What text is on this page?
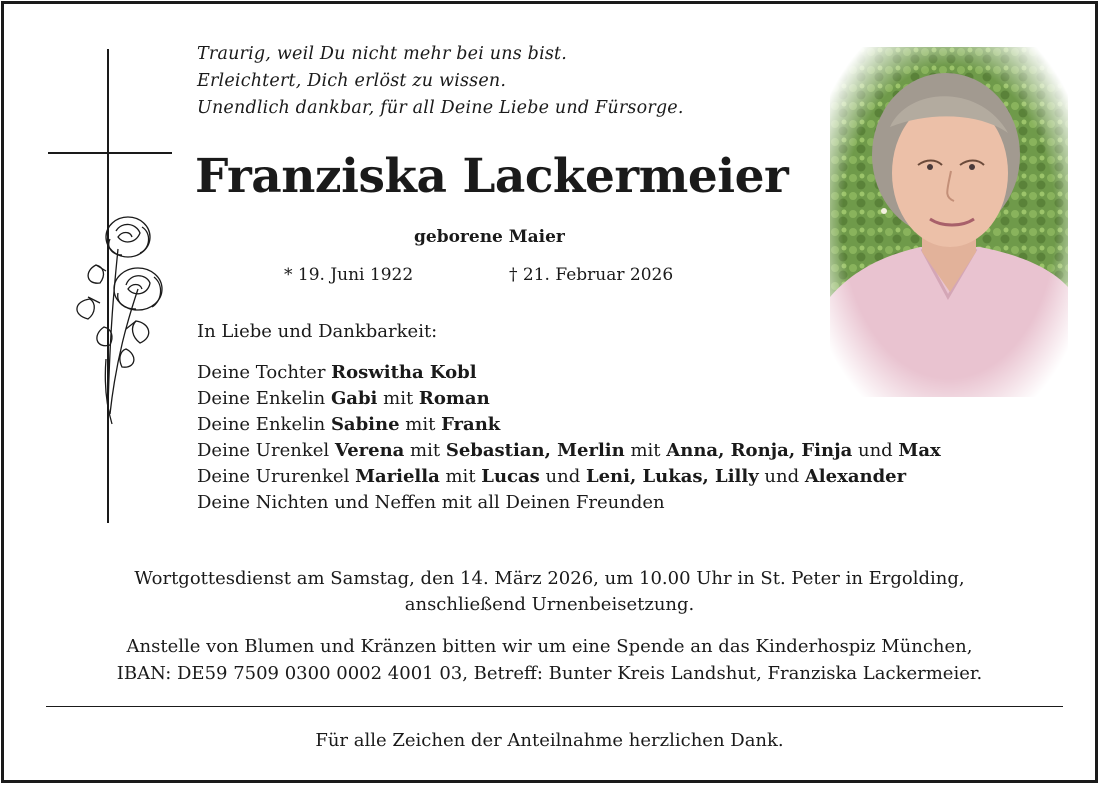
Traurig, weil Du nicht mehr bei uns bist.
Erleichtert, Dich erlöst zu wissen.
Unendlich dankbar, für all Deine Liebe und Fürsorge.
Franziska Lackermeier
geborene Maier
* 19. Juni 1922	† 21. Februar 2026
In Liebe und Dankbarkeit:
Deine Tochter Roswitha Kobl
Deine Enkelin Gabi mit Roman
Deine Enkelin Sabine mit Frank
Deine Urenkel Verena mit Sebastian, Merlin mit Anna, Ronja, Finja und Max
Deine Ururenkel Mariella mit Lucas und Leni, Lukas, Lilly und Alexander
Deine Nichten und Neffen mit all Deinen Freunden
Wortgottesdienst am Samstag, den 14. März 2026, um 10.00 Uhr in St. Peter in Ergolding,
anschließend Urnenbeisetzung.
Anstelle von Blumen und Kränzen bitten wir um eine Spende an das Kinderhospiz München,
IBAN: DE59 7509 0300 0002 4001 03, Betreff: Bunter Kreis Landshut, Franziska Lackermeier.
Für alle Zeichen der Anteilnahme herzlichen Dank.
